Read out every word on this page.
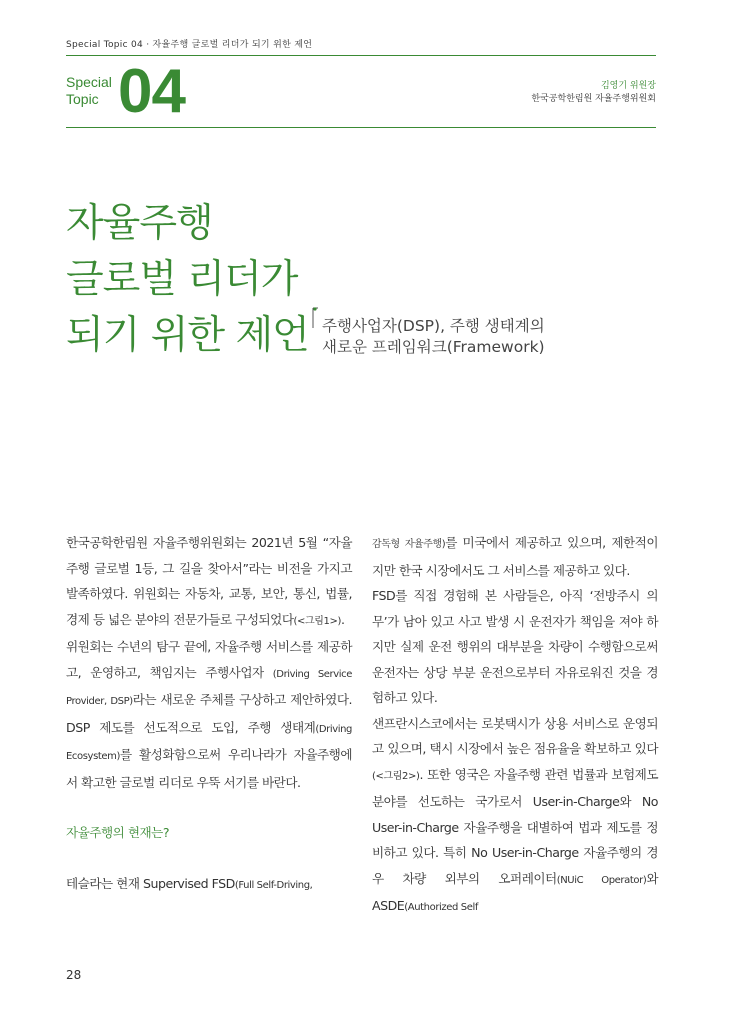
Special Topic 04 · 자율주행 글로벌 리더가 되기 위한 제언
Special
Topic 04	김영기 위원장
한국공학한림원 자율주행위원회
자율주행
글로벌 리더가
되기 위한 제언 주행사업자(DSP), 주행 생태계의
새로운 프레임워크(Framework)

한국공학한림원 자율주행위원회는 2021년 5월 “자율주행 글로벌 1등, 그 길을 찾아서”라는 비전을 가지고 발족하였다. 위원회는 자동차, 교통, 보안, 통신, 법률, 경제 등 넓은 분야의 전문가들로 구성되었다(<그림1>).

위원회는 수년의 탐구 끝에, 자율주행 서비스를 제공하고, 운영하고, 책임지는 주행사업자 (Driving Service Provider, DSP)라는 새로운 주체를 구상하고 제안하였다. DSP 제도를 선도적으로 도입, 주행 생태계(Driving Ecosystem)를 활성화함으로써 우리나라가 자율주행에서 확고한 글로벌 리더로 우뚝 서기를 바란다.

자율주행의 현재는?

테슬라는 현재 Supervised FSD(Full Self-Driving,

감독형 자율주행)를 미국에서 제공하고 있으며, 제한적이지만 한국 시장에서도 그 서비스를 제공하고 있다.

FSD를 직접 경험해 본 사람들은, 아직 ‘전방주시 의무’가 남아 있고 사고 발생 시 운전자가 책임을 져야 하지만 실제 운전 행위의 대부분을 차량이 수행함으로써 운전자는 상당 부분 운전으로부터 자유로워진 것을 경험하고 있다.

샌프란시스코에서는 로봇택시가 상용 서비스로 운영되고 있으며, 택시 시장에서 높은 점유율을 확보하고 있다(<그림2>). 또한 영국은 자율주행 관련 법률과 보험제도 분야를 선도하는 국가로서 User-in-Charge와 No User-in-Charge 자율주행을 대별하여 법과 제도를 정비하고 있다. 특히 No User-in-Charge 자율주행의 경우 차량 외부의 오퍼레이터(NUiC Operator)와 ASDE(Authorized Self

28
